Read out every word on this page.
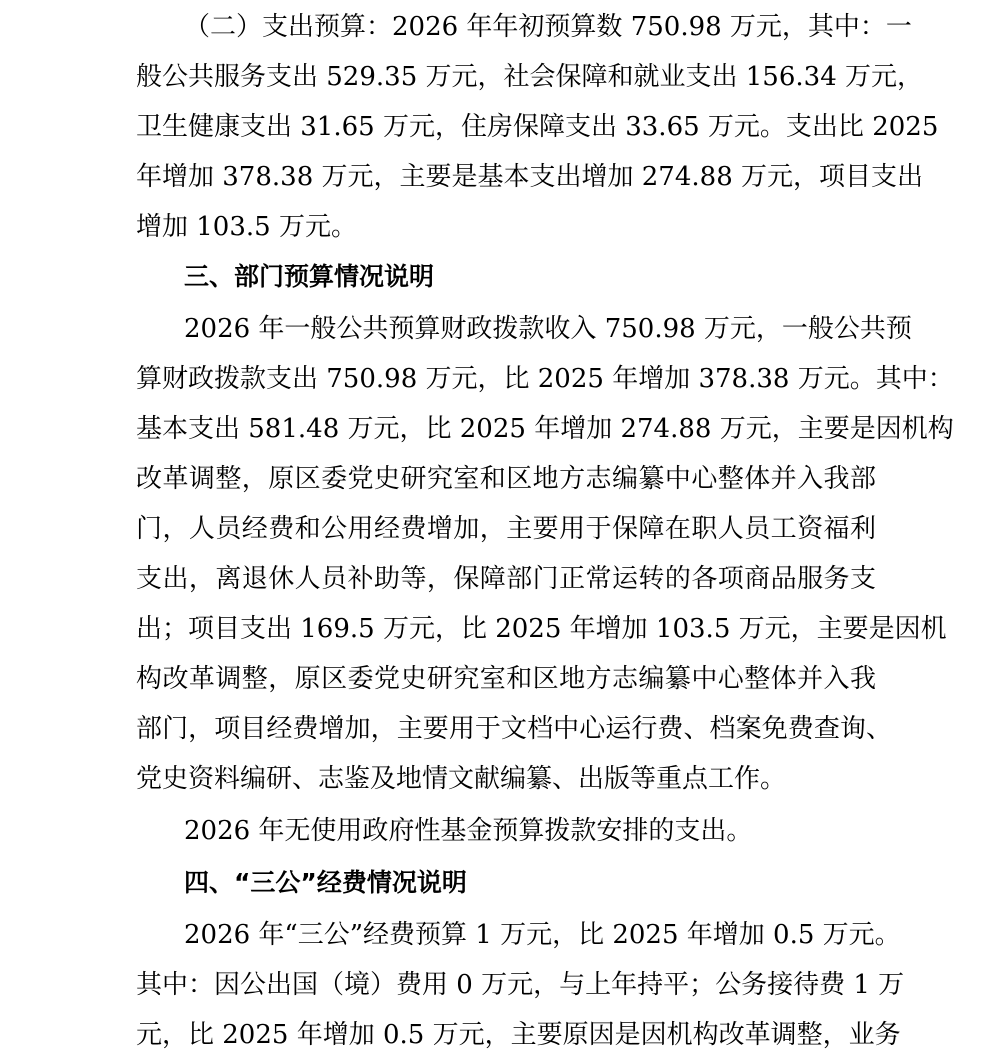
（二）支出预算：2026 年年初预算数 750.98 万元，其中：一
般公共服务支出 529.35 万元，社会保障和就业支出 156.34 万元，
卫生健康支出 31.65 万元，住房保障支出 33.65 万元。支出比 2025
年增加 378.38 万元，主要是基本支出增加 274.88 万元，项目支出
增加 103.5 万元。
三、部门预算情况说明
2026 年一般公共预算财政拨款收入 750.98 万元，一般公共预
算财政拨款支出 750.98 万元，比 2025 年增加 378.38 万元。其中：
基本支出 581.48 万元，比 2025 年增加 274.88 万元，主要是因机构
改革调整，原区委党史研究室和区地方志编纂中心整体并入我部
门，人员经费和公用经费增加，主要用于保障在职人员工资福利
支出，离退休人员补助等，保障部门正常运转的各项商品服务支
出；项目支出 169.5 万元，比 2025 年增加 103.5 万元，主要是因机
构改革调整，原区委党史研究室和区地方志编纂中心整体并入我
部门，项目经费增加，主要用于文档中心运行费、档案免费查询、
党史资料编研、志鉴及地情文献编纂、出版等重点工作。
2026 年无使用政府性基金预算拨款安排的支出。
四、“三公”经费情况说明
2026 年“三公”经费预算 1 万元，比 2025 年增加 0.5 万元。
其中：因公出国（境）费用 0 万元，与上年持平；公务接待费 1 万
元，比 2025 年增加 0.5 万元，主要原因是因机构改革调整，业务
